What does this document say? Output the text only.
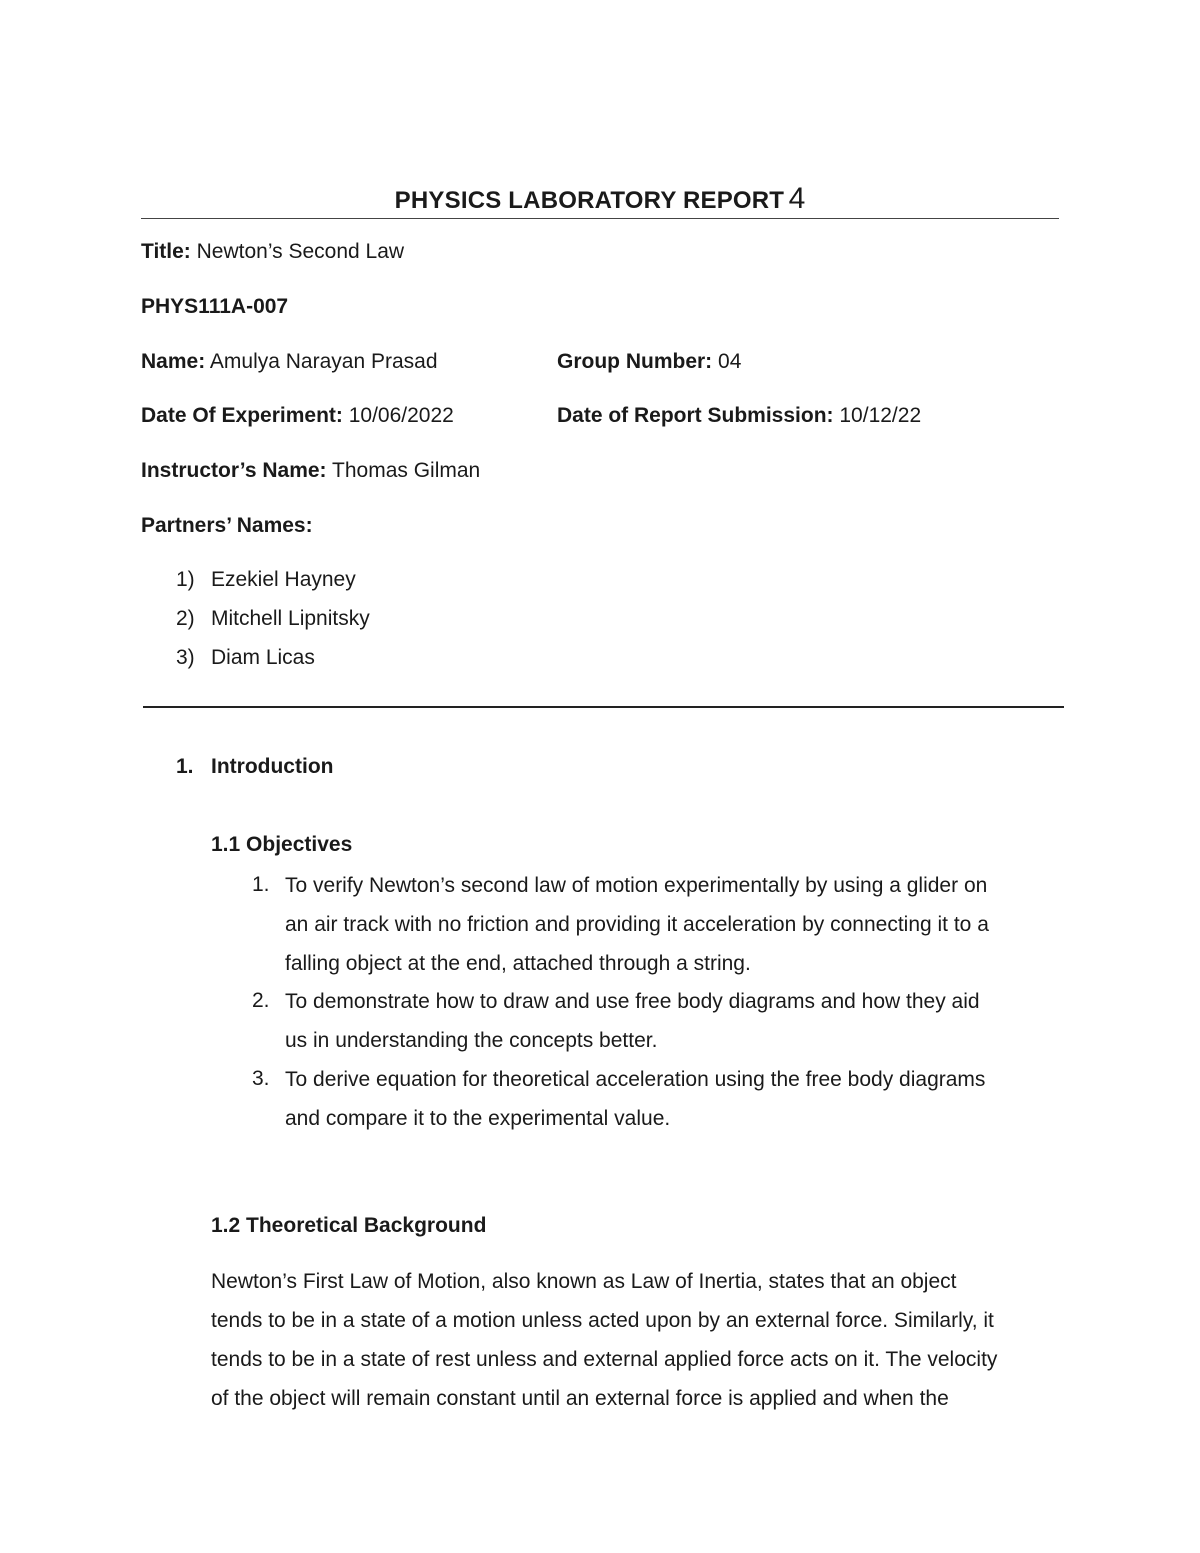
PHYSICS LABORATORY REPORT 4
Title: Newton’s Second Law
PHYS111A-007
Name: Amulya Narayan Prasad	Group Number: 04
Date Of Experiment: 10/06/2022	Date of Report Submission: 10/12/22
Instructor’s Name: Thomas Gilman
Partners’ Names:
1) Ezekiel Hayney
2) Mitchell Lipnitsky
3) Diam Licas
1. Introduction
1.1 Objectives
1. To verify Newton’s second law of motion experimentally by using a glider on
an air track with no friction and providing it acceleration by connecting it to a
falling object at the end, attached through a string.
2. To demonstrate how to draw and use free body diagrams and how they aid
us in understanding the concepts better.
3. To derive equation for theoretical acceleration using the free body diagrams
and compare it to the experimental value.
1.2 Theoretical Background
Newton’s First Law of Motion, also known as Law of Inertia, states that an object
tends to be in a state of a motion unless acted upon by an external force. Similarly, it
tends to be in a state of rest unless and external applied force acts on it. The velocity
of the object will remain constant until an external force is applied and when the
